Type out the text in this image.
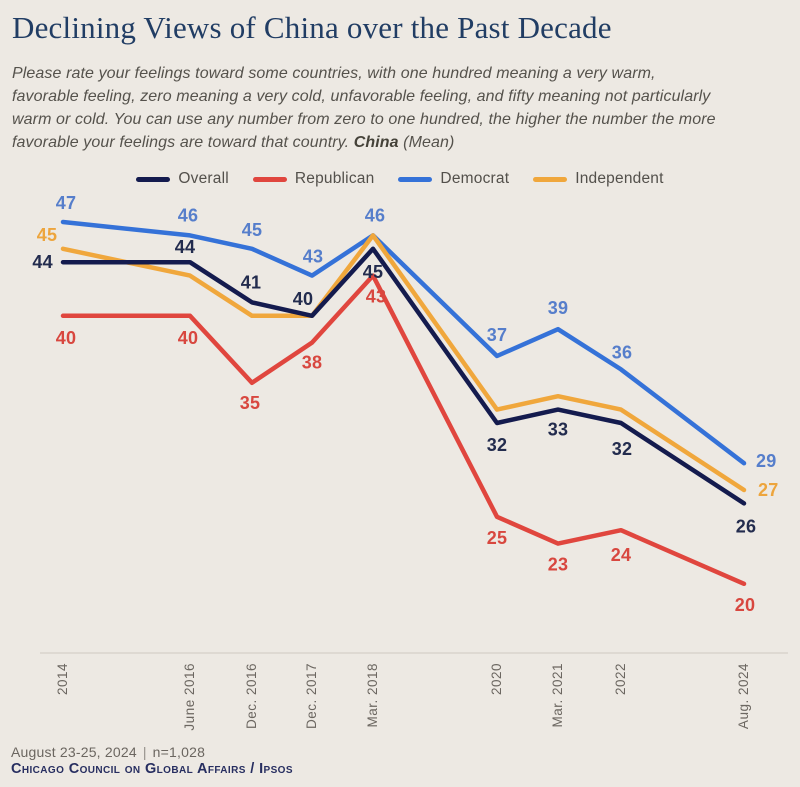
Declining Views of China over the Past Decade

Please rate your feelings toward some countries, with one hundred meaning a very warm, favorable feeling, zero meaning a very cold, unfavorable feeling, and fifty meaning not particularly warm or cold. You can use any number from zero to one hundred, the higher the number the more favorable your feelings are toward that country. China (Mean)

Overall	Republican	Democrat	Independent
44
44
41
40
45
32
33
32
26
40	40
35
38
43
25
23 24
20
47
46
45
43
46
37
39
36
29
45
27
2014	June 2016	Dec. 2016	Dec. 2017	Mar. 2018	2020	Mar. 2021	2022	Aug. 2024
August 23-25, 2024 | n=1,028
Chicago Council on Global Affairs / Ipsos
